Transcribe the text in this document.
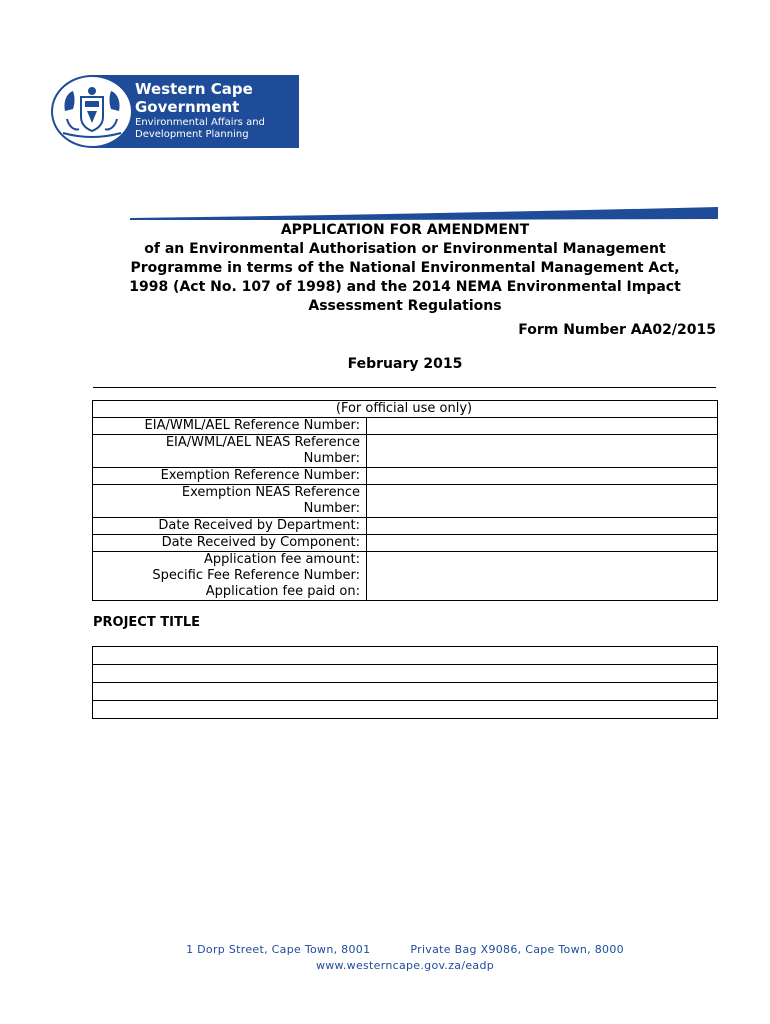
Western Cape
Government
Environmental Affairs and
Development Planning
APPLICATION FOR AMENDMENT
of an Environmental Authorisation or Environmental Management
Programme in terms of the National Environmental Management Act,
1998 (Act No. 107 of 1998) and the 2014 NEMA Environmental Impact
Assessment Regulations
Form Number AA02/2015
February 2015
(For official use only)	

EIA/WML/AEL Reference Number:	

EIA/WML/AEL NEAS Reference
Number:	

Exemption Reference Number:	

Exemption NEAS Reference
Number:	

Date Received by Department:	

Date Received by Component:	

Application fee amount:
Specific Fee Reference Number:
Application fee paid on:	

PROJECT TITLE

1 Dorp Street, Cape Town, 8001	Private Bag X9086, Cape Town, 8000
www.westerncape.gov.za/eadp
